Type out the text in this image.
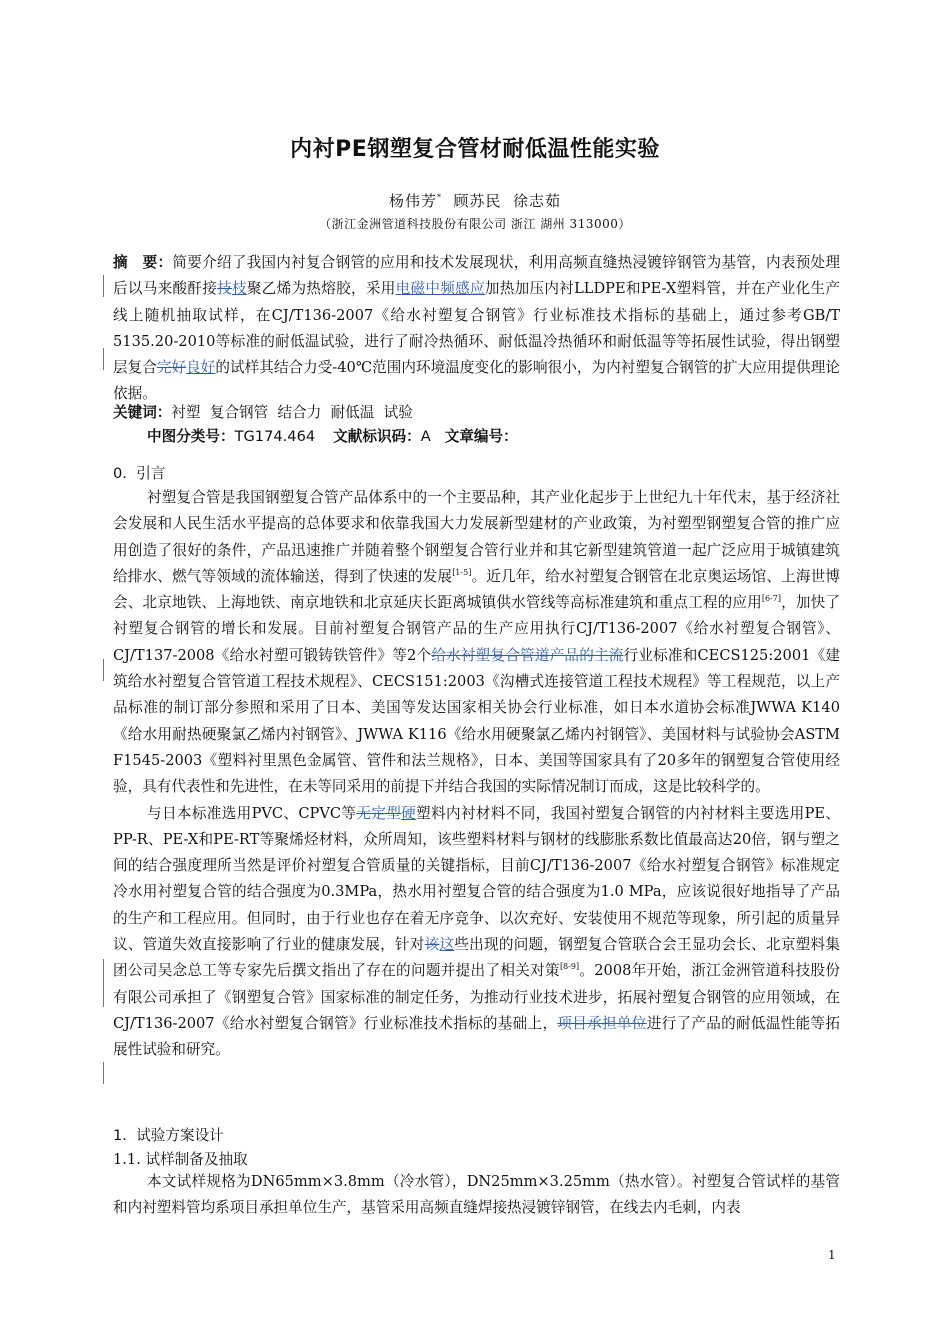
内衬PE钢塑复合管材耐低温性能实验
杨伟芳*  顾苏民  徐志茹
（浙江金洲管道科技股份有限公司 浙江 湖州 313000）

摘　要：简要介绍了我国内衬复合钢管的应用和技术发展现状，利用高频直缝热浸镀锌钢管为基管，内表预处理后以马来酸酐接技枝聚乙烯为热熔胶，采用电磁中频感应加热加压内衬LLDPE和PE-X塑料管，并在产业化生产线上随机抽取试样，在CJ/T136-2007《给水衬塑复合钢管》行业标准技术指标的基础上，通过参考GB/T 5135.20-2010等标准的耐低温试验，进行了耐冷热循环、耐低温冷热循环和耐低温等等拓展性试验，得出钢塑层复合完好良好的试样其结合力受-40℃范围内环境温度变化的影响很小，为内衬塑复合钢管的扩大应用提供理论依据。

关键词：衬塑  复合钢管  结合力  耐低温  试验
中图分类号：TG174.464 文献标识码：A 文章编号：
0.  引言

衬塑复合管是我国钢塑复合管产品体系中的一个主要品种，其产业化起步于上世纪九十年代末，基于经济社会发展和人民生活水平提高的总体要求和依靠我国大力发展新型建材的产业政策，为衬塑型钢塑复合管的推广应用创造了很好的条件，产品迅速推广并随着整个钢塑复合管行业并和其它新型建筑管道一起广泛应用于城镇建筑给排水、燃气等领域的流体输送，得到了快速的发展[1-5]。近几年，给水衬塑复合钢管在北京奥运场馆、上海世博会、北京地铁、上海地铁、南京地铁和北京延庆长距离城镇供水管线等高标准建筑和重点工程的应用[6-7]，加快了衬塑复合钢管的增长和发展。目前衬塑复合钢管产品的生产应用执行CJ/T136-2007《给水衬塑复合钢管》、CJ/T137-2008《给水衬塑可锻铸铁管件》等2个给水衬塑复合管道产品的主流行业标准和CECS125:2001《建筑给水衬塑复合管管道工程技术规程》、CECS151:2003《沟槽式连接管道工程技术规程》等工程规范，以上产品标准的制订部分参照和采用了日本、美国等发达国家相关协会行业标准，如日本水道协会标准JWWA K140《给水用耐热硬聚氯乙烯内衬钢管》、JWWA K116《给水用硬聚氯乙烯内衬钢管》、美国材料与试验协会ASTM F1545-2003《塑料衬里黑色金属管、管件和法兰规格》，日本、美国等国家具有了20多年的钢塑复合管使用经验，具有代表性和先进性，在未等同采用的前提下并结合我国的实际情况制订而成，这是比较科学的。

与日本标准选用PVC、CPVC等无定型硬塑料内衬材料不同，我国衬塑复合钢管的内衬材料主要选用PE、PP-R、PE-X和PE-RT等聚烯烃材料，众所周知，该些塑料材料与钢材的线膨胀系数比值最高达20倍，钢与塑之间的结合强度理所当然是评价衬塑复合管质量的关键指标，目前CJ/T136-2007《给水衬塑复合钢管》标准规定冷水用衬塑复合管的结合强度为0.3MPa，热水用衬塑复合管的结合强度为1.0 MPa，应该说很好地指导了产品的生产和工程应用。但同时，由于行业也存在着无序竞争、以次充好、安装使用不规范等现象，所引起的质量异议、管道失效直接影响了行业的健康发展，针对该这些出现的问题，钢塑复合管联合会王显功会长、北京塑料集团公司吴念总工等专家先后撰文指出了存在的问题并提出了相关对策[8-9]。2008年开始，浙江金洲管道科技股份有限公司承担了《钢塑复合管》国家标准的制定任务，为推动行业技术进步，拓展衬塑复合钢管的应用领域，在CJ/T136-2007《给水衬塑复合钢管》行业标准技术指标的基础上，项目承担单位进行了产品的耐低温性能等拓展性试验和研究。

1.  试验方案设计
1.1. 试样制备及抽取

本文试样规格为DN65mm×3.8mm（冷水管），DN25mm×3.25mm（热水管）。衬塑复合管试样的基管和内衬塑料管均系项目承担单位生产，基管采用高频直缝焊接热浸镀锌钢管，在线去内毛刺，内表

1
